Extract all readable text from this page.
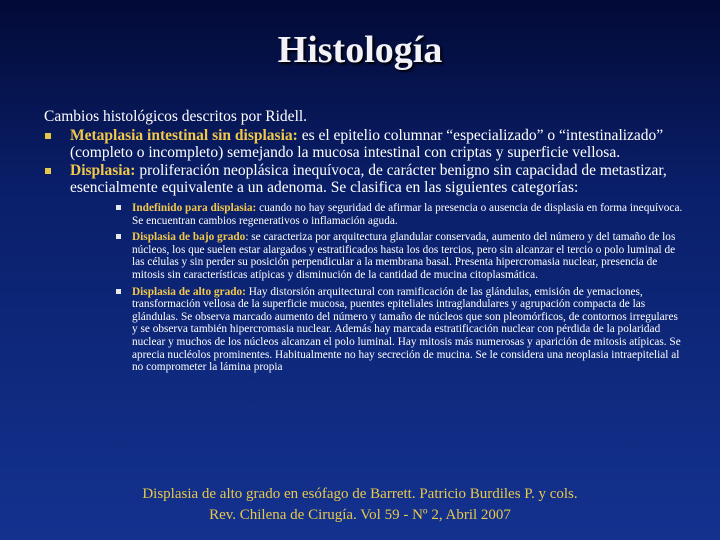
Histología

Cambios histológicos descritos por Ridell.

Metaplasia intestinal sin displasia: es el epitelio columnar “especializado” o “intestinalizado” (completo o incompleto) semejando la mucosa intestinal con criptas y superficie vellosa.
Displasia: proliferación neoplásica inequívoca, de carácter benigno sin capacidad de metastizar, esencialmente equivalente a un adenoma. Se clasifica en las siguientes categorías:
Indefinido para displasia: cuando no hay seguridad de afirmar la presencia o ausencia de displasia en forma inequívoca. Se encuentran cambios regenerativos o inflamación aguda.
Displasia de bajo grado: se caracteriza por arquitectura glandular conservada, aumento del número y del tamaño de los núcleos, los que suelen estar alargados y estratificados hasta los dos tercios, pero sin alcanzar el tercio o polo luminal de las células y sin perder su posición perpendicular a la membrana basal. Presenta hipercromasia nuclear, presencia de mitosis sin características atípicas y disminución de la cantidad de mucina citoplasmática.
Displasia de alto grado: Hay distorsión arquitectural con ramificación de las glándulas, emisión de yemaciones, transformación vellosa de la superficie mucosa, puentes epiteliales intraglandulares y agrupación compacta de las glándulas. Se observa marcado aumento del número y tamaño de núcleos que son pleomórficos, de contornos irregulares y se observa también hipercromasia nuclear. Además hay marcada estratificación nuclear con pérdida de la polaridad nuclear y muchos de los núcleos alcanzan el polo luminal. Hay mitosis más numerosas y aparición de mitosis atípicas. Se aprecia nucléolos prominentes. Habitualmente no hay secreción de mucina. Se le considera una neoplasia intraepitelial al no comprometer la lámina propia
Displasia de alto grado en esófago de Barrett. Patricio Burdiles P. y cols.
Rev. Chilena de Cirugía. Vol 59 - Nº 2, Abril 2007
